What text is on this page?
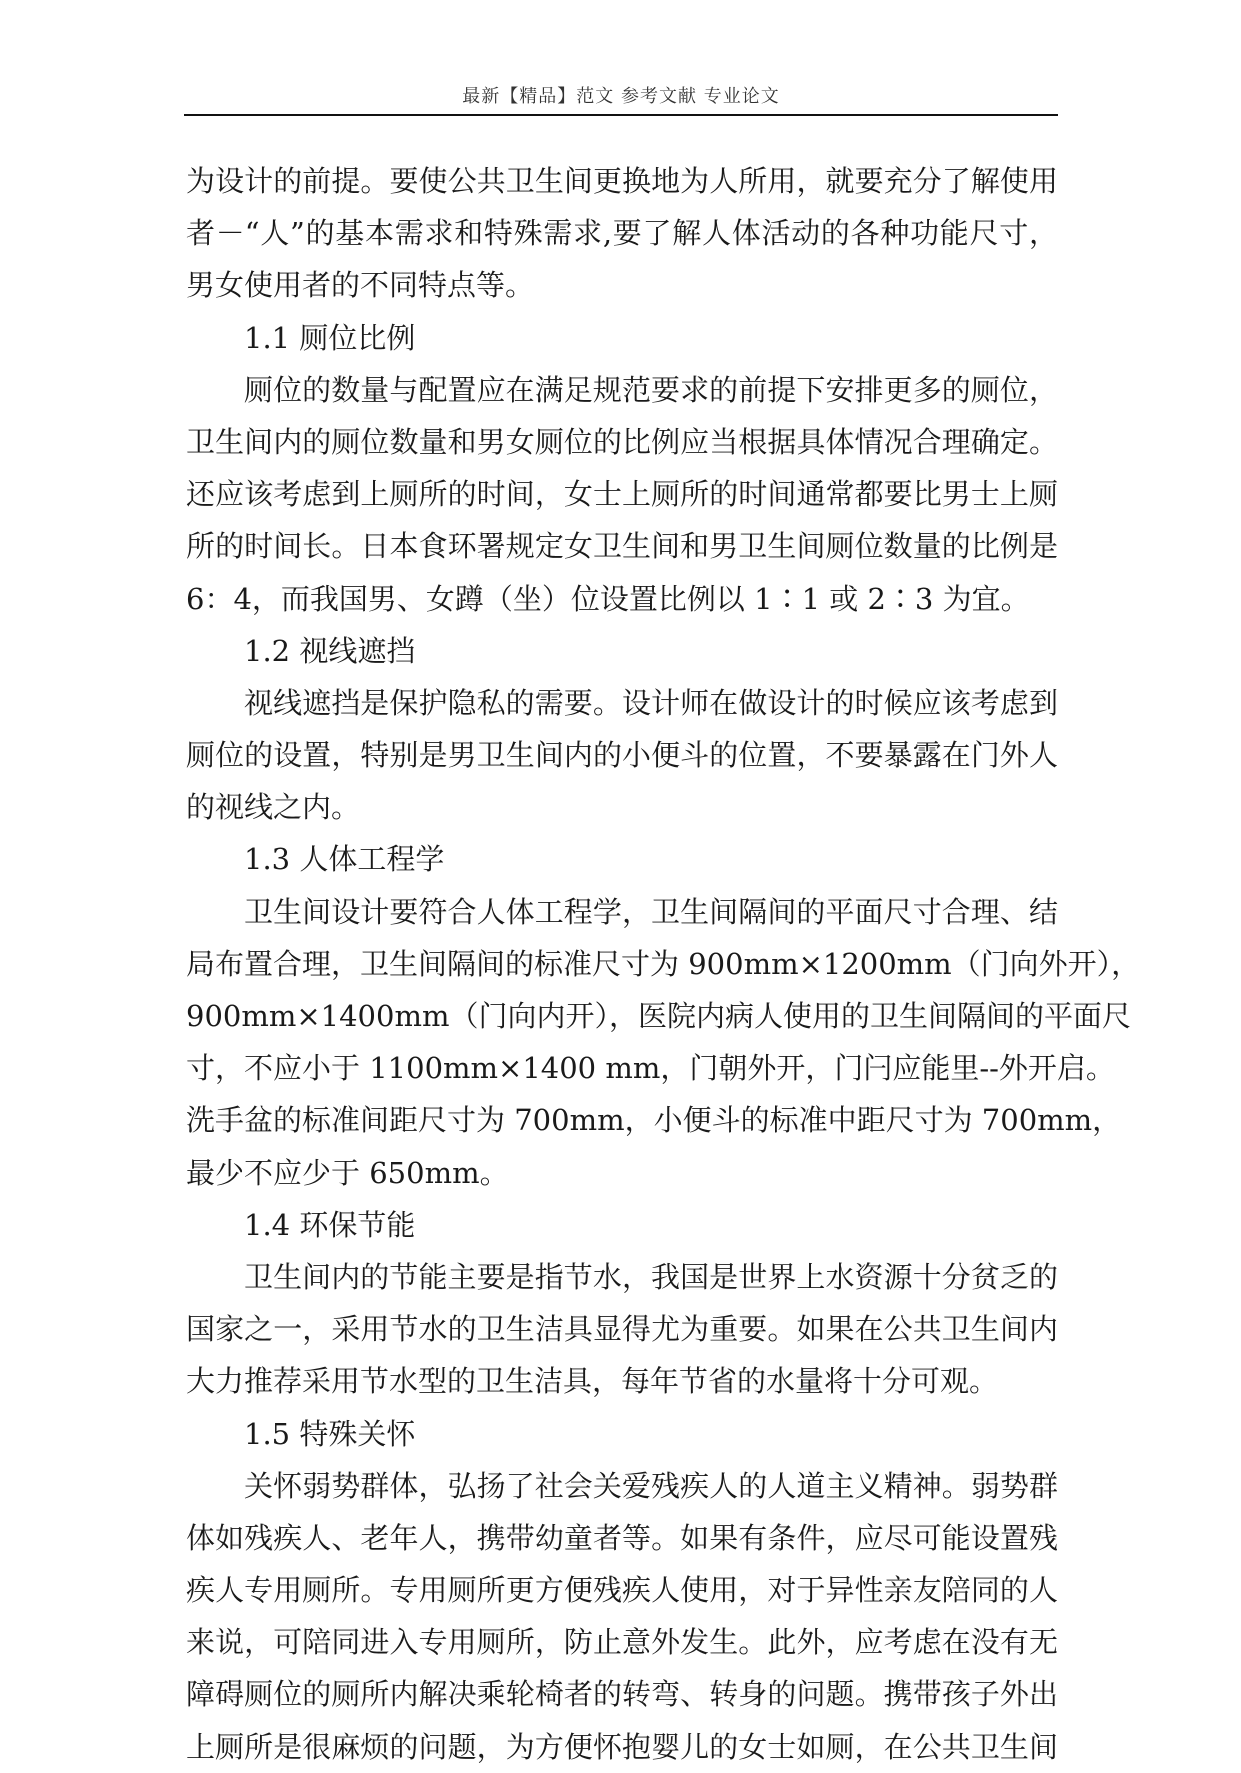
最新【精品】范文 参考文献 专业论文
为设计的前提。要使公共卫生间更换地为人所用，就要充分了解使用
者－“人”的基本需求和特殊需求,要了解人体活动的各种功能尺寸，
男女使用者的不同特点等。
1.1 厕位比例
厕位的数量与配置应在满足规范要求的前提下安排更多的厕位，
卫生间内的厕位数量和男女厕位的比例应当根据具体情况合理确定。
还应该考虑到上厕所的时间，女士上厕所的时间通常都要比男士上厕
所的时间长。日本食环署规定女卫生间和男卫生间厕位数量的比例是
6：4，而我国男、女蹲（坐）位设置比例以 1∶1 或 2∶3 为宜。
1.2 视线遮挡
视线遮挡是保护隐私的需要。设计师在做设计的时候应该考虑到
厕位的设置，特别是男卫生间内的小便斗的位置，不要暴露在门外人
的视线之内。
1.3 人体工程学
卫生间设计要符合人体工程学，卫生间隔间的平面尺寸合理、结
局布置合理，卫生间隔间的标准尺寸为 900mm×1200mm（门向外开），
900mm×1400mm（门向内开），医院内病人使用的卫生间隔间的平面尺
寸，不应小于 1100mm×1400 mm，门朝外开，门闩应能里--外开启。
洗手盆的标准间距尺寸为 700mm，小便斗的标准中距尺寸为 700mm，
最少不应少于 650mm。
1.4 环保节能
卫生间内的节能主要是指节水，我国是世界上水资源十分贫乏的
国家之一，采用节水的卫生洁具显得尤为重要。如果在公共卫生间内
大力推荐采用节水型的卫生洁具，每年节省的水量将十分可观。
1.5 特殊关怀
关怀弱势群体，弘扬了社会关爱残疾人的人道主义精神。弱势群
体如残疾人、老年人，携带幼童者等。如果有条件，应尽可能设置残
疾人专用厕所。专用厕所更方便残疾人使用，对于异性亲友陪同的人
来说，可陪同进入专用厕所，防止意外发生。此外，应考虑在没有无
障碍厕位的厕所内解决乘轮椅者的转弯、转身的问题。携带孩子外出
上厕所是很麻烦的问题，为方便怀抱婴儿的女士如厕，在公共卫生间
